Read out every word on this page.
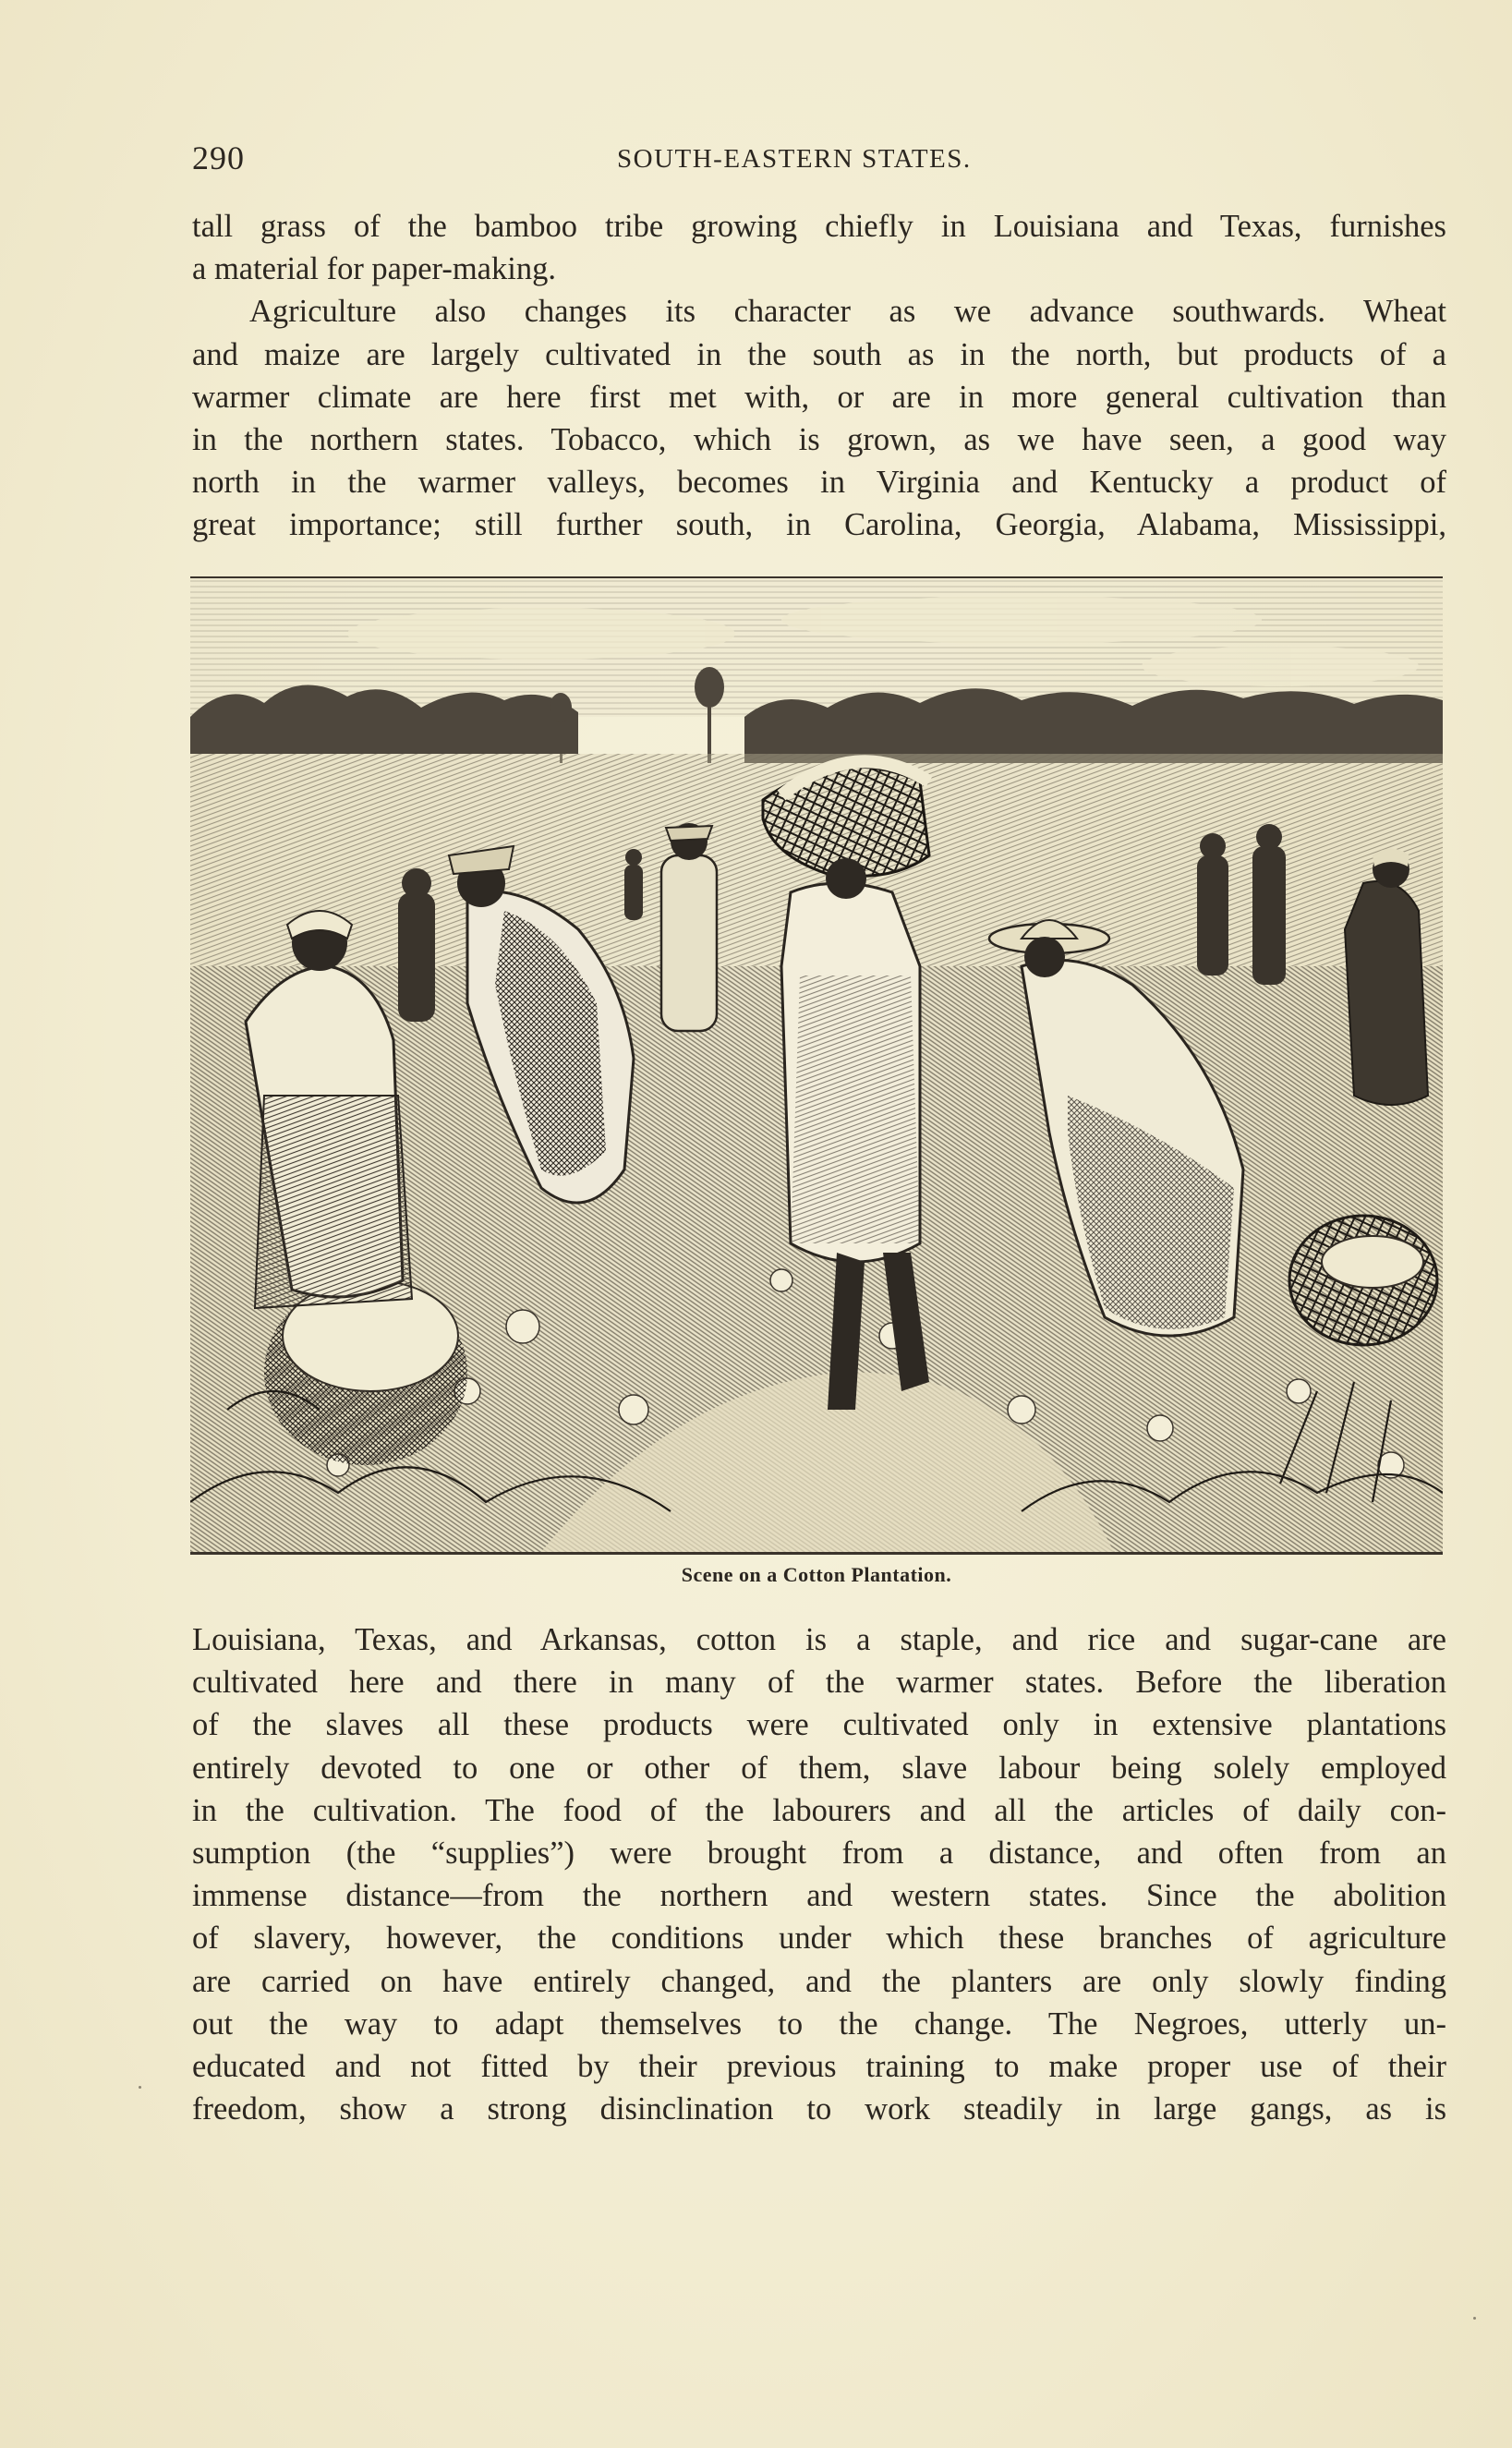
290	SOUTH-EASTERN STATES.
tall grass of the bamboo tribe growing chiefly in Louisiana and Texas, furnishes
a material for paper-making.
Agriculture also changes its character as we advance southwards. Wheat
and maize are largely cultivated in the south as in the north, but products of a
warmer climate are here first met with, or are in more general cultivation than
in the northern states. Tobacco, which is grown, as we have seen, a good way
north in the warmer valleys, becomes in Virginia and Kentucky a product of
great importance; still further south, in Carolina, Georgia, Alabama, Mississippi,
Scene on a Cotton Plantation.
Louisiana, Texas, and Arkansas, cotton is a staple, and rice and sugar-cane are
cultivated here and there in many of the warmer states. Before the liberation
of the slaves all these products were cultivated only in extensive plantations
entirely devoted to one or other of them, slave labour being solely employed
in the cultivation. The food of the labourers and all the articles of daily con-
sumption (the “supplies”) were brought from a distance, and often from an
immense distance—from the northern and western states. Since the abolition
of slavery, however, the conditions under which these branches of agriculture
are carried on have entirely changed, and the planters are only slowly finding
out the way to adapt themselves to the change. The Negroes, utterly un-
educated and not fitted by their previous training to make proper use of their
freedom, show a strong disinclination to work steadily in large gangs, as is
